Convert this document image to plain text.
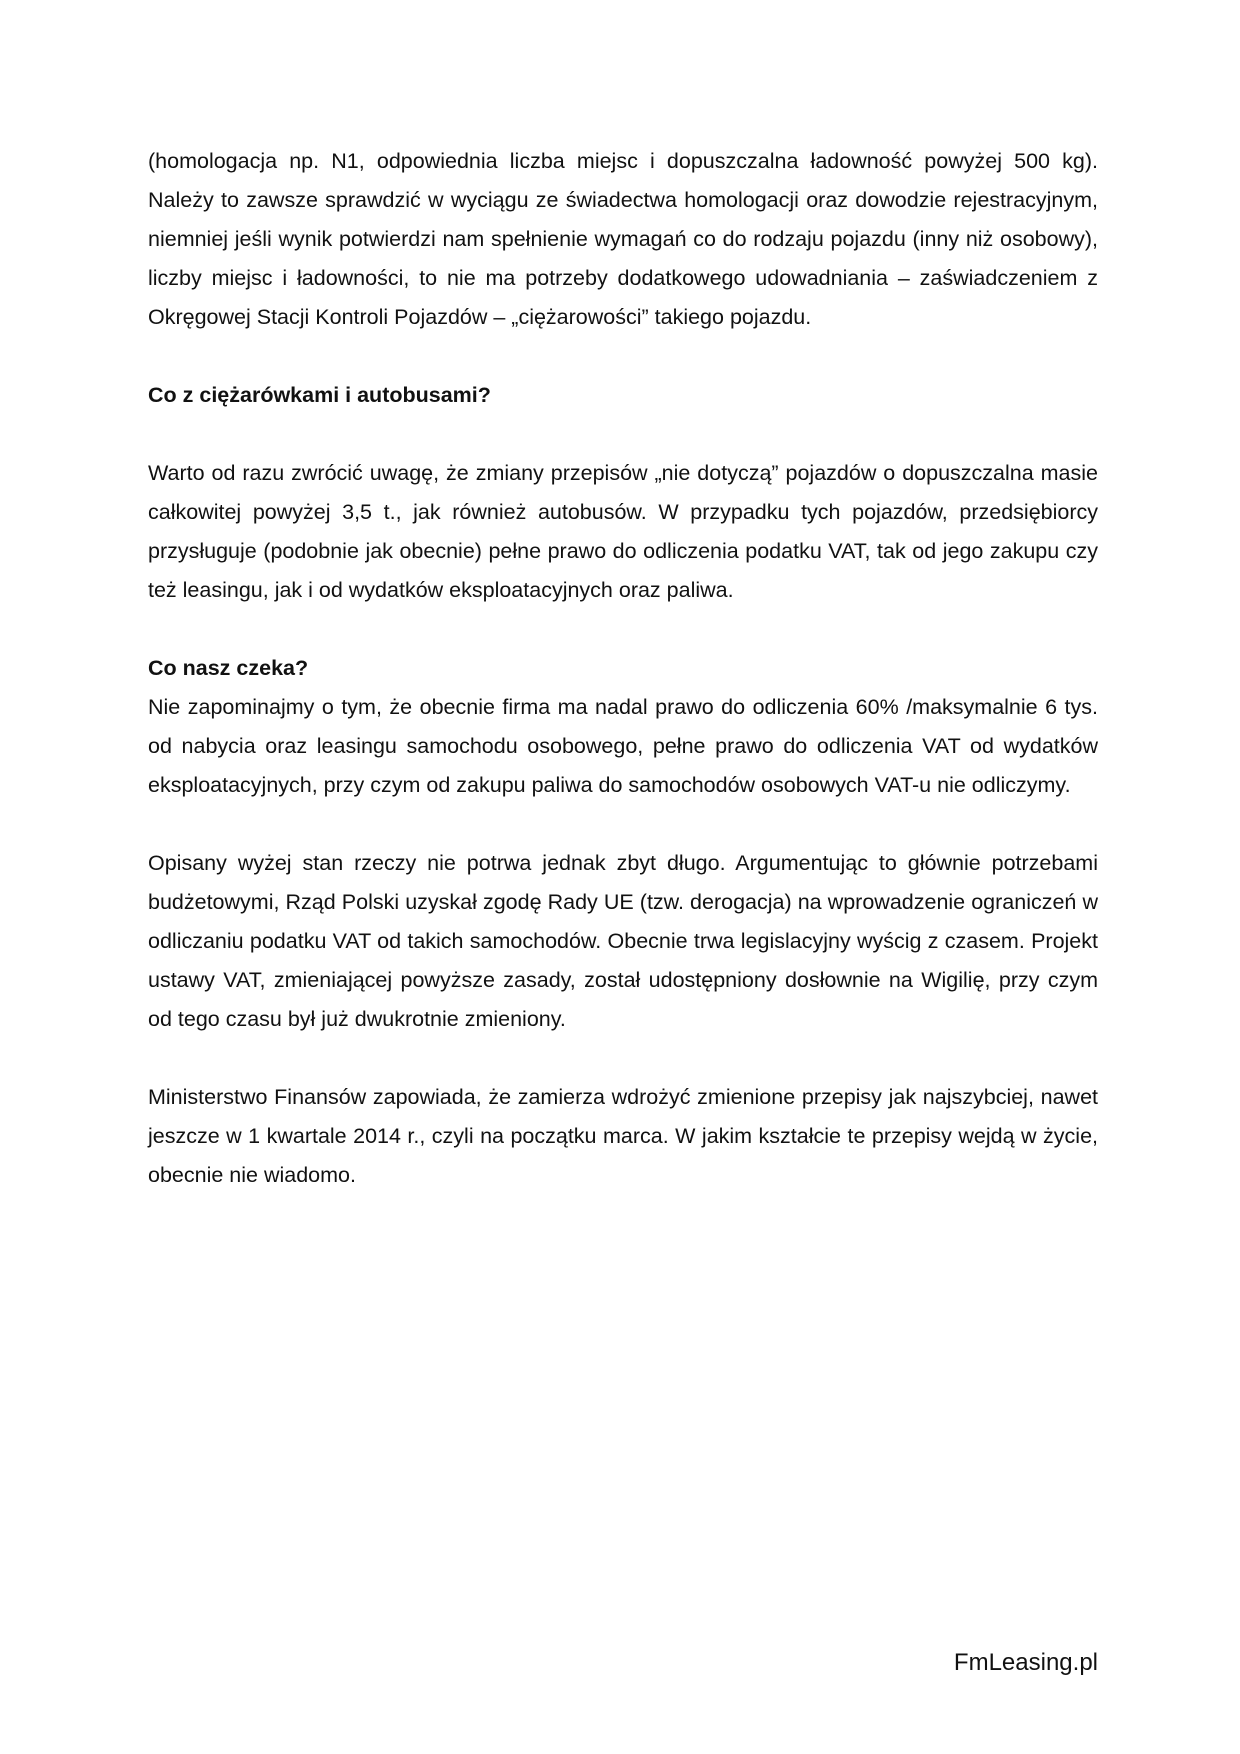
(homologacja np. N1, odpowiednia liczba miejsc i dopuszczalna ładowność powyżej 500 kg). Należy to zawsze sprawdzić w wyciągu ze świadectwa homologacji oraz dowodzie rejestracyjnym, niemniej jeśli wynik potwierdzi nam spełnienie wymagań co do rodzaju pojazdu (inny niż osobowy), liczby miejsc i ładowności, to nie ma potrzeby dodatkowego udowadniania – zaświadczeniem z Okręgowej Stacji Kontroli Pojazdów – „ciężarowości” takiego pojazdu.

Co z ciężarówkami i autobusami?

Warto od razu zwrócić uwagę, że zmiany przepisów „nie dotyczą” pojazdów o dopuszczalna masie całkowitej powyżej 3,5 t., jak również autobusów. W przypadku tych pojazdów, przedsiębiorcy przysługuje (podobnie jak obecnie) pełne prawo do odliczenia podatku VAT, tak od jego zakupu czy też leasingu, jak i od wydatków eksploatacyjnych oraz paliwa.

Co nasz czeka?

Nie zapominajmy o tym, że obecnie firma ma nadal prawo do odliczenia 60% /maksymalnie 6 tys. od nabycia oraz leasingu samochodu osobowego, pełne prawo do odliczenia VAT od wydatków eksploatacyjnych, przy czym od zakupu paliwa do samochodów osobowych VAT-u nie odliczymy.

Opisany wyżej stan rzeczy nie potrwa jednak zbyt długo. Argumentując to głównie potrzebami budżetowymi, Rząd Polski uzyskał zgodę Rady UE (tzw. derogacja) na wprowadzenie ograniczeń w odliczaniu podatku VAT od takich samochodów. Obecnie trwa legislacyjny wyścig z czasem. Projekt ustawy VAT, zmieniającej powyższe zasady, został udostępniony dosłownie na Wigilię, przy czym od tego czasu był już dwukrotnie zmieniony.

Ministerstwo Finansów zapowiada, że zamierza wdrożyć zmienione przepisy jak najszybciej, nawet jeszcze w 1 kwartale 2014 r., czyli na początku marca. W jakim kształcie te przepisy wejdą w życie, obecnie nie wiadomo.

FmLeasing.pl
